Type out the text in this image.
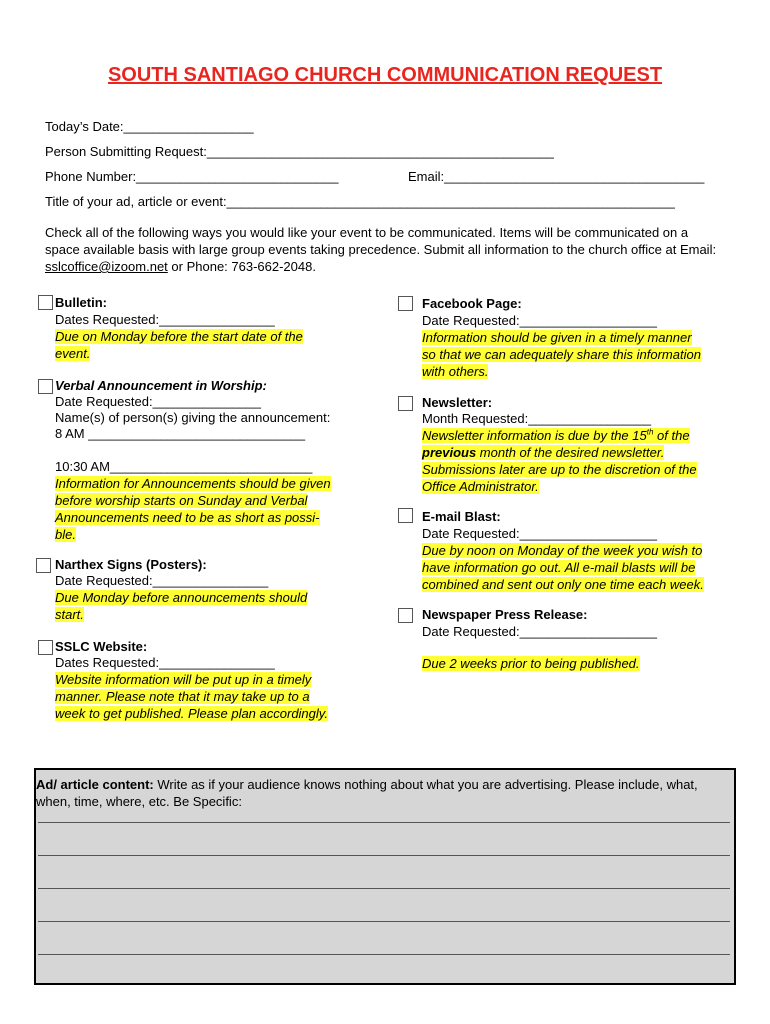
SOUTH SANTIAGO CHURCH COMMUNICATION REQUEST
Today’s Date:__________________
Person Submitting Request:________________________________________________
Phone Number:____________________________	Email:____________________________________
Title of your ad, article or event:______________________________________________________________
Check all of the following ways you would like your event to be communicated. Items will be communicated on a space available basis with large group events taking precedence. Submit all information to the church office at Email: sslcoffice@izoom.net or Phone: 763-662-2048.
Bulletin:
Dates Requested:________________
Due on Monday before the start date of the
event.
Verbal Announcement in Worship:
Date Requested:_______________
Name(s) of person(s) giving the announcement:
8 AM ______________________________
10:30 AM____________________________
Information for Announcements should be given
before worship starts on Sunday and Verbal
Announcements need to be as short as possi-
ble.
Narthex Signs (Posters):
Date Requested:________________
Due Monday before announcements should
start.
SSLC Website:
Dates Requested:________________
Website information will be put up in a timely
manner. Please note that it may take up to a
week to get published. Please plan accordingly.
Facebook Page:
Date Requested:___________________
Information should be given in a timely manner
so that we can adequately share this information
with others.
Newsletter:
Month Requested:_________________
Newsletter information is due by the 15th of the
previous month of the desired newsletter.
Submissions later are up to the discretion of the
Office Administrator.
E-mail Blast:
Date Requested:___________________
Due by noon on Monday of the week you wish to
have information go out. All e-mail blasts will be
combined and sent out only one time each week.
Newspaper Press Release:
Date Requested:___________________
Due 2 weeks prior to being published.
Ad/ article content: Write as if your audience knows nothing about what you are advertising. Please include, what, when, time, where, etc. Be Specific:
